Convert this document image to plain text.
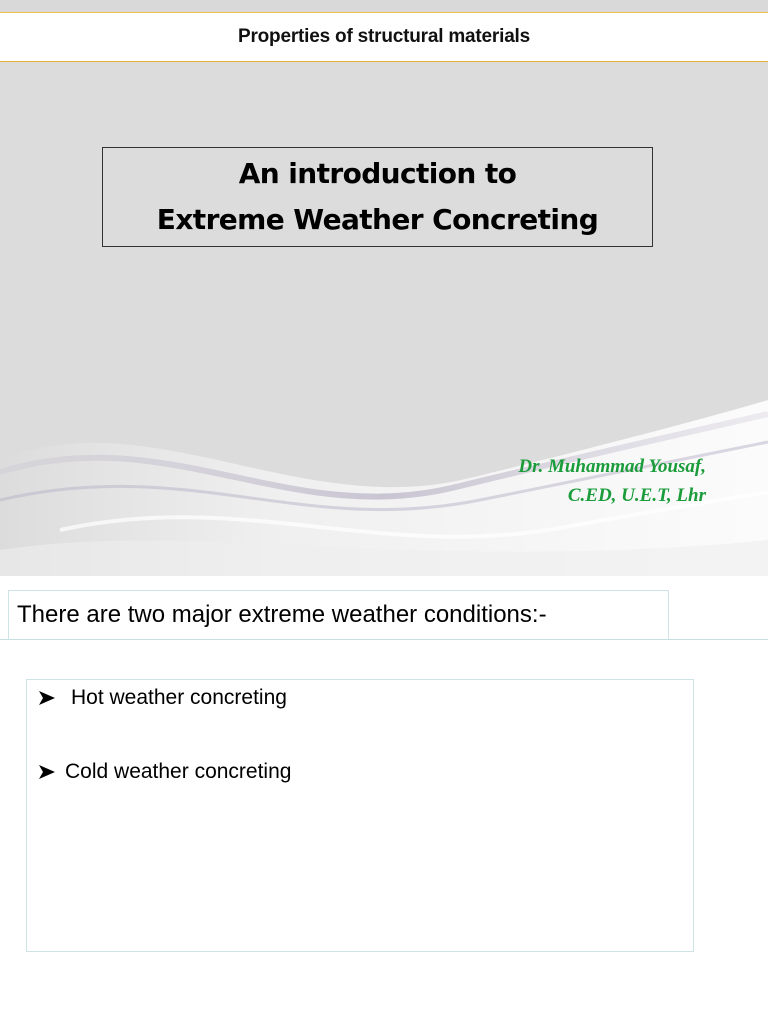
Properties of structural materials
An introduction to
Extreme Weather Concreting
Dr. Muhammad Yousaf,
C.ED, U.E.T, Lhr
There are two major extreme weather conditions:-
Hot weather concreting
Cold weather concreting
